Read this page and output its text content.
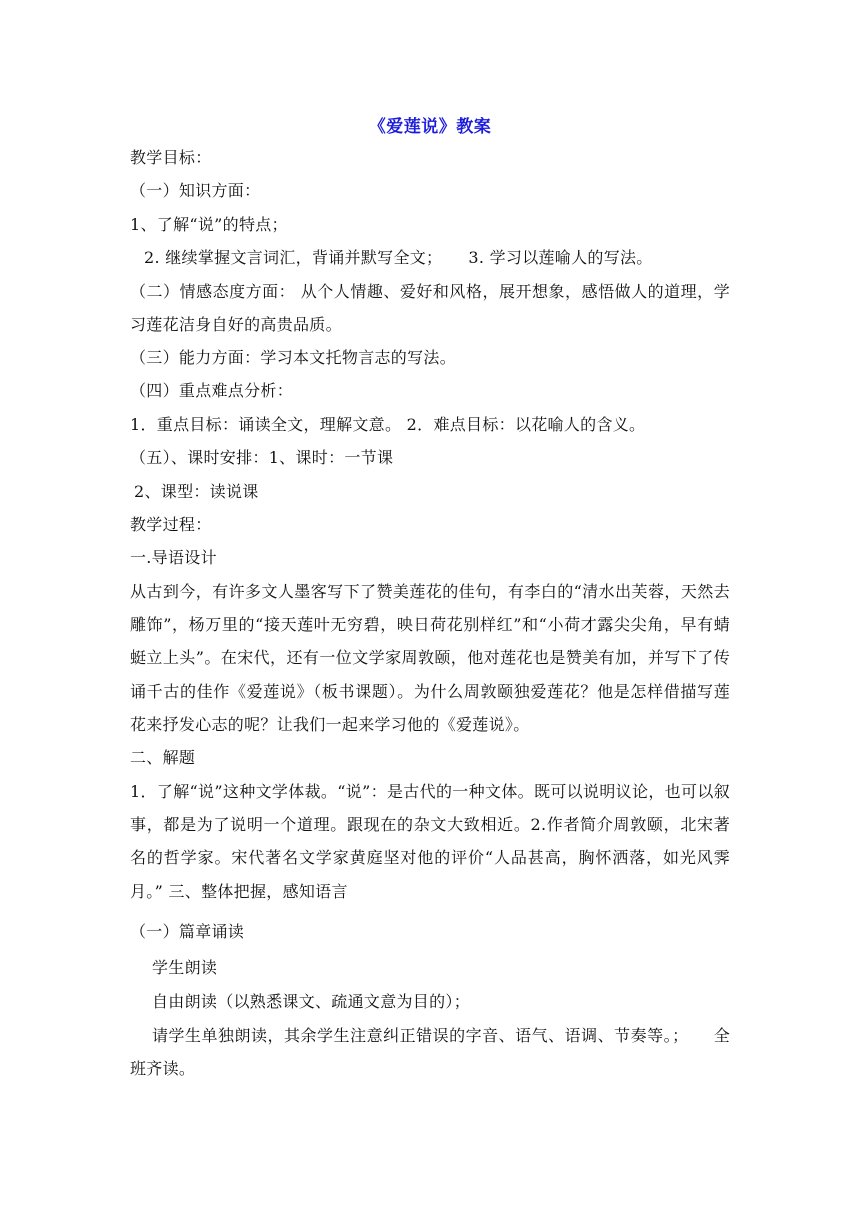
《爱莲说》教案
教学目标：
（一）知识方面：
1、了解“说”的特点；
2. 继续掌握文言词汇，背诵并默写全文； 3. 学习以莲喻人的写法。
（二）情感态度方面： 从个人情趣、爱好和风格，展开想象，感悟做人的道理，学习莲花洁身自好的高贵品质。
（三）能力方面：学习本文托物言志的写法。
（四）重点难点分析：
1．重点目标：诵读全文，理解文意。 2．难点目标：以花喻人的含义。
（五）、课时安排：1、课时：一节课
2、课型：读说课
教学过程：
一.导语设计
从古到今，有许多文人墨客写下了赞美莲花的佳句，有李白的“清水出芙蓉，天然去雕饰”，杨万里的“接天莲叶无穷碧，映日荷花别样红”和“小荷才露尖尖角，早有蜻蜓立上头”。在宋代，还有一位文学家周敦颐，他对莲花也是赞美有加，并写下了传诵千古的佳作《爱莲说》（板书课题）。为什么周敦颐独爱莲花？他是怎样借描写莲花来抒发心志的呢？让我们一起来学习他的《爱莲说》。
二、解题
1．了解“说”这种文学体裁。“说”：是古代的一种文体。既可以说明议论，也可以叙事，都是为了说明一个道理。跟现在的杂文大致相近。2.作者简介周敦颐，北宋著名的哲学家。宋代著名文学家黄庭坚对他的评价“人品甚高，胸怀洒落，如光风霁月。” 三、整体把握，感知语言
（一）篇章诵读
学生朗读
自由朗读（以熟悉课文、疏通文意为目的）；
请学生单独朗读，其余学生注意纠正错误的字音、语气、语调、节奏等。；　　全班齐读。
